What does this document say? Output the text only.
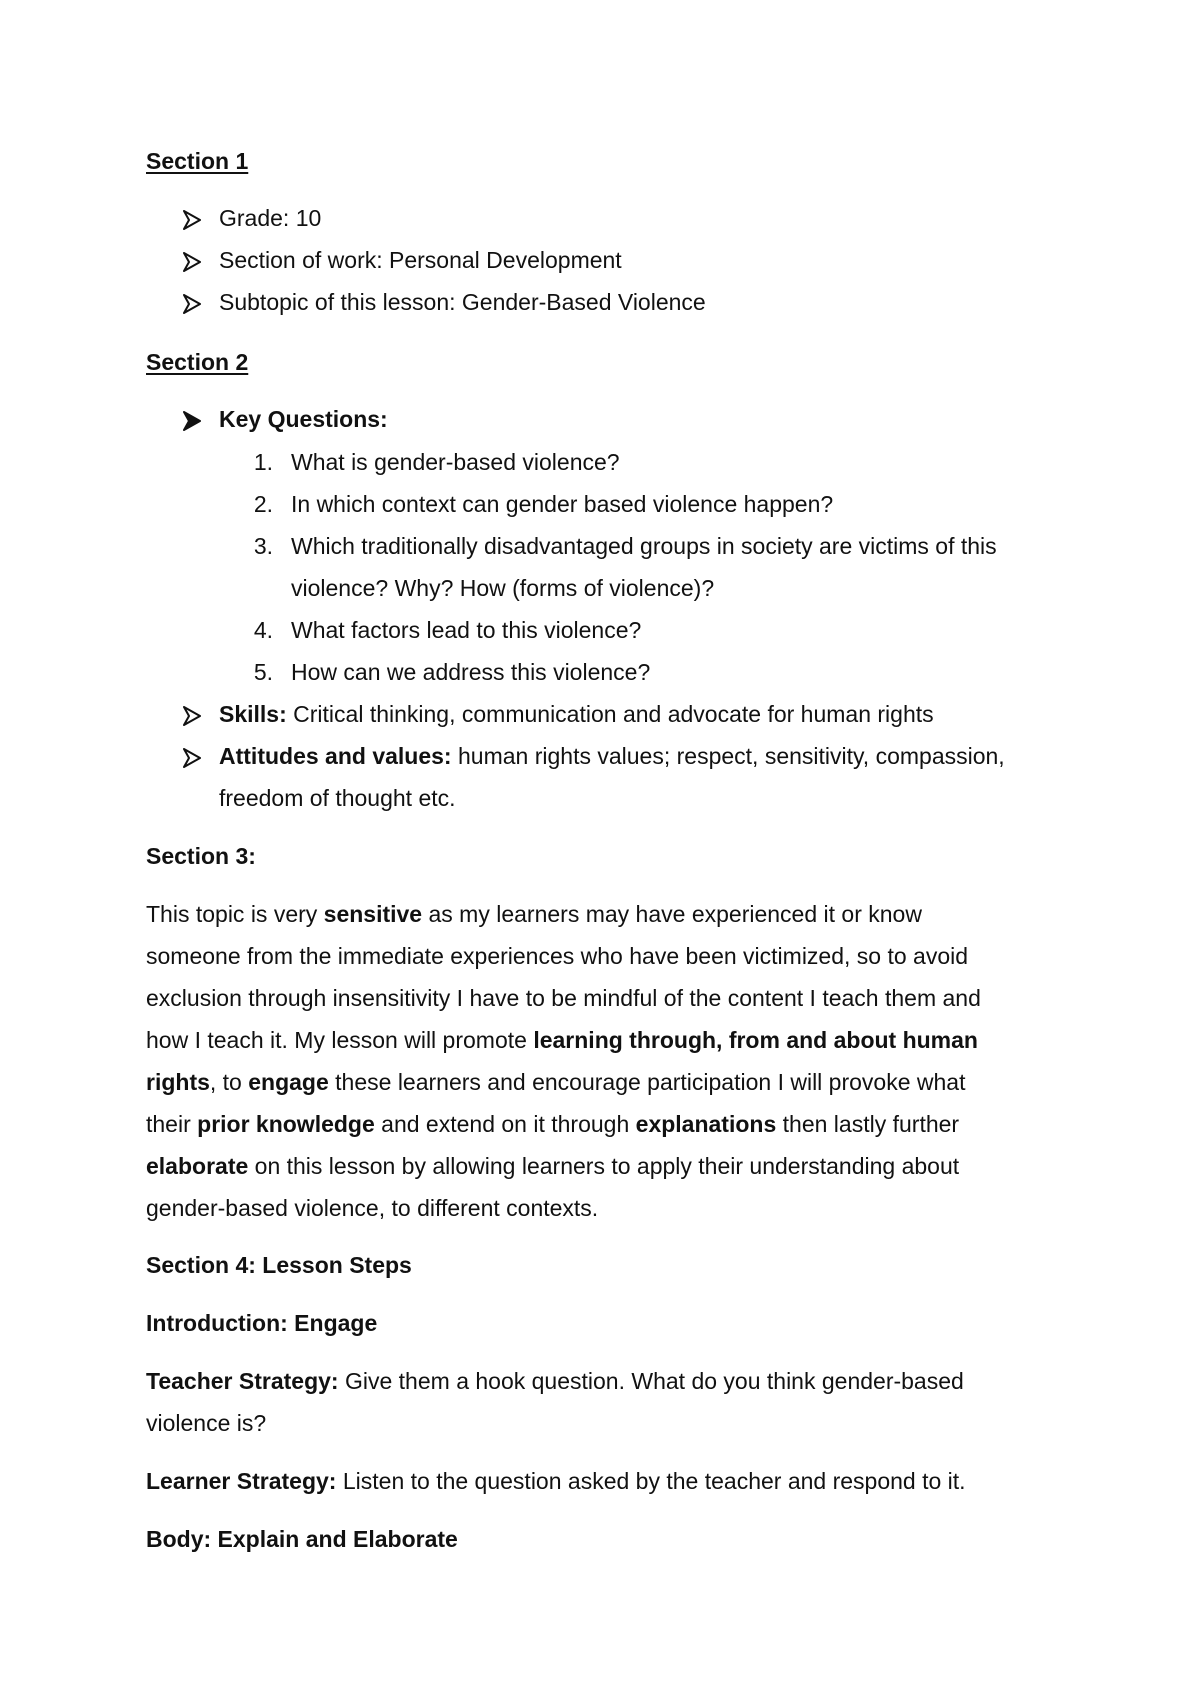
Section 1
Grade: 10
Section of work: Personal Development
Subtopic of this lesson: Gender-Based Violence
Section 2
Key Questions:
1. What is gender-based violence?
2. In which context can gender based violence happen?
3. Which traditionally disadvantaged groups in society are victims of this
violence? Why? How (forms of violence)?
4. What factors lead to this violence?
5. How can we address this violence?
Skills: Critical thinking, communication and advocate for human rights
Attitudes and values: human rights values; respect, sensitivity, compassion,
freedom of thought etc.
Section 3:
This topic is very sensitive as my learners may have experienced it or know
someone from the immediate experiences who have been victimized, so to avoid
exclusion through insensitivity I have to be mindful of the content I teach them and
how I teach it. My lesson will promote learning through, from and about human
rights, to engage these learners and encourage participation I will provoke what
their prior knowledge and extend on it through explanations then lastly further
elaborate on this lesson by allowing learners to apply their understanding about
gender-based violence, to different contexts.
Section 4: Lesson Steps
Introduction: Engage
Teacher Strategy: Give them a hook question. What do you think gender-based
violence is?
Learner Strategy: Listen to the question asked by the teacher and respond to it.
Body: Explain and Elaborate
